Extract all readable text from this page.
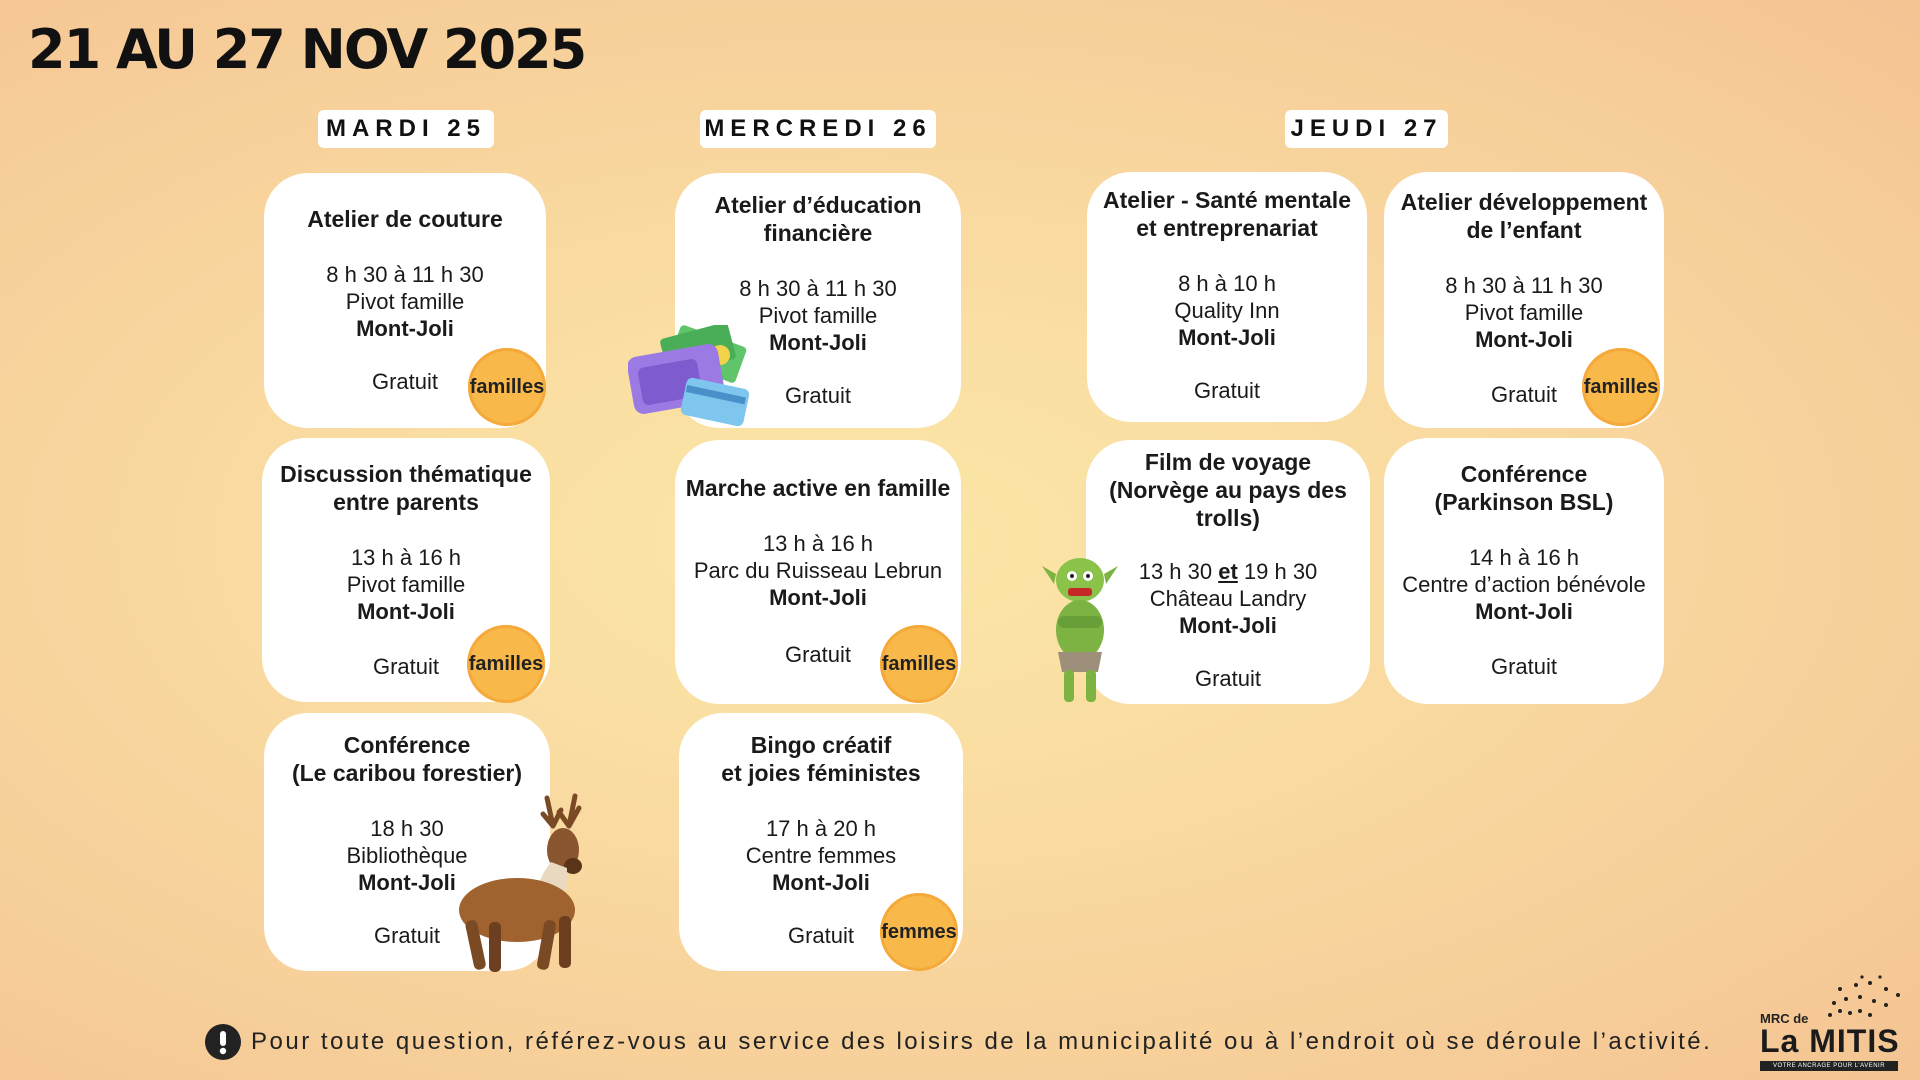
21 AU 27 NOV 2025
MARDI 25	MERCREDI 26	JEUDI 27
Atelier de couture
8 h 30 à 11 h 30
Pivot famille
Mont-Joli
Gratuit	familles
Discussion thématique
entre parents
13 h à 16 h
Pivot famille
Mont-Joli
Gratuit	familles
Conférence
(Le caribou forestier)
18 h 30
Bibliothèque
Mont-Joli
Gratuit
Atelier d’éducation
financière
8 h 30 à 11 h 30
Pivot famille
Mont-Joli
Gratuit
Marche active en famille
13 h à 16 h
Parc du Ruisseau Lebrun
Mont-Joli
Gratuit	familles
Bingo créatif
et joies féministes
17 h à 20 h
Centre femmes
Mont-Joli
Gratuit	femmes
Atelier - Santé mentale
et entreprenariat
8 h à 10 h
Quality Inn
Mont-Joli
Gratuit
Film de voyage
(Norvège au pays des
trolls)
13 h 30 et 19 h 30
Château Landry
Mont-Joli
Gratuit
Atelier développement
de l’enfant
8 h 30 à 11 h 30
Pivot famille
Mont-Joli
Gratuit	familles
Conférence
(Parkinson BSL)
14 h à 16 h
Centre d’action bénévole
Mont-Joli
Gratuit
Pour toute question, référez-vous au service des loisirs de la municipalité ou à l’endroit où se déroule l’activité.
MRC de
La MITIS
VOTRE ANCRAGE POUR L’AVENIR
